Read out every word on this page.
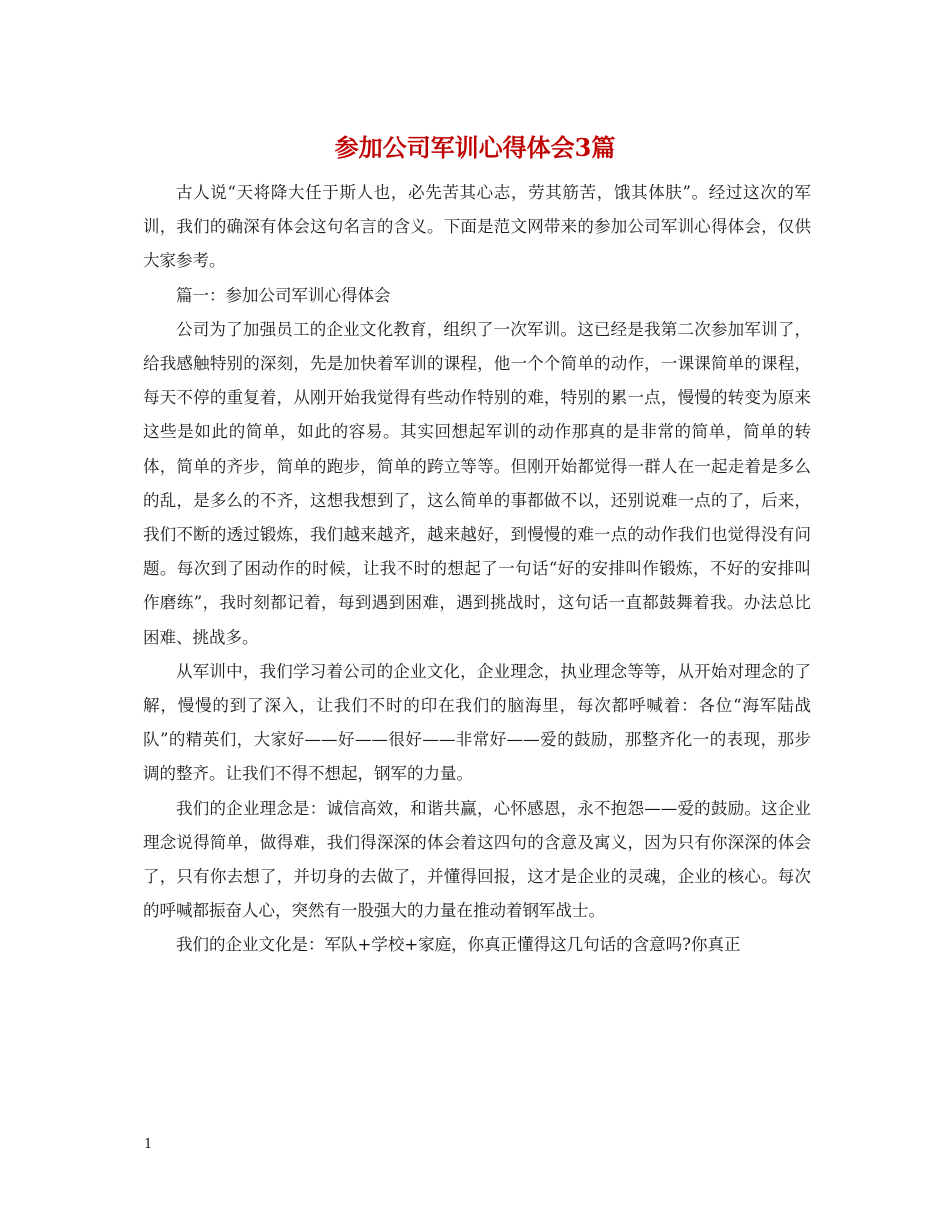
参加公司军训心得体会3篇

古人说“天将降大任于斯人也，必先苦其心志，劳其筋苦，饿其体肤”。经过这次的军训，我们的确深有体会这句名言的含义。下面是范文网带来的参加公司军训心得体会，仅供大家参考。

篇一：参加公司军训心得体会

公司为了加强员工的企业文化教育，组织了一次军训。这已经是我第二次参加军训了，给我感触特别的深刻，先是加快着军训的课程，他一个个简单的动作，一课课简单的课程，每天不停的重复着，从刚开始我觉得有些动作特别的难，特别的累一点，慢慢的转变为原来这些是如此的简单，如此的容易。其实回想起军训的动作那真的是非常的简单，简单的转体，简单的齐步，简单的跑步，简单的跨立等等。但刚开始都觉得一群人在一起走着是多么的乱，是多么的不齐，这想我想到了，这么简单的事都做不以，还别说难一点的了，后来，我们不断的透过锻炼，我们越来越齐，越来越好，到慢慢的难一点的动作我们也觉得没有问题。每次到了困动作的时候，让我不时的想起了一句话“好的安排叫作锻炼，不好的安排叫作磨练”，我时刻都记着，每到遇到困难，遇到挑战时，这句话一直都鼓舞着我。办法总比困难、挑战多。

从军训中，我们学习着公司的企业文化，企业理念，执业理念等等，从开始对理念的了解，慢慢的到了深入，让我们不时的印在我们的脑海里，每次都呼喊着：各位“海军陆战队”的精英们，大家好——好——很好——非常好——爱的鼓励，那整齐化一的表现，那步调的整齐。让我们不得不想起，钢军的力量。

我们的企业理念是：诚信高效，和谐共赢，心怀感恩，永不抱怨——爱的鼓励。这企业理念说得简单，做得难，我们得深深的体会着这四句的含意及寓义，因为只有你深深的体会了，只有你去想了，并切身的去做了，并懂得回报，这才是企业的灵魂，企业的核心。每次的呼喊都振奋人心，突然有一股强大的力量在推动着钢军战士。

我们的企业文化是：军队+学校+家庭，你真正懂得这几句话的含意吗?你真正

1
